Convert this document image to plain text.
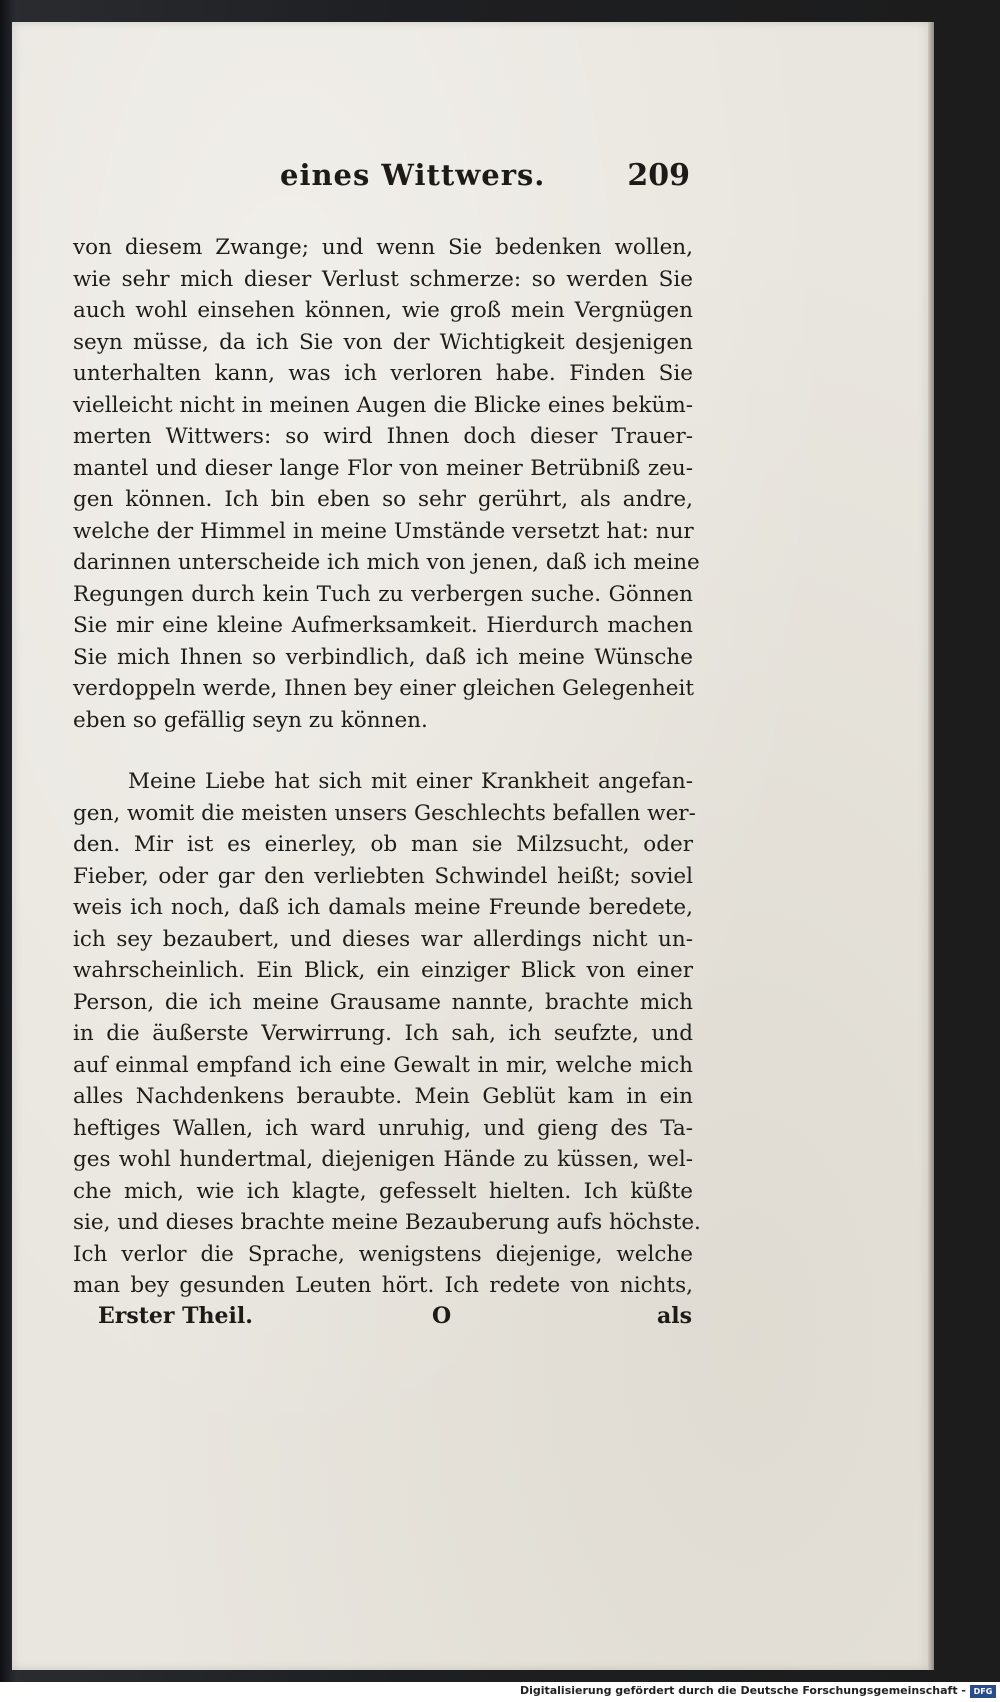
eines Wittwers.	209
von diesem Zwange; und wenn Sie bedenken wollen,
wie sehr mich dieser Verlust schmerze: so werden Sie
auch wohl einsehen können, wie groß mein Vergnügen
seyn müsse, da ich Sie von der Wichtigkeit desjenigen
unterhalten kann, was ich verloren habe. Finden Sie
vielleicht nicht in meinen Augen die Blicke eines beküm-
merten Wittwers: so wird Ihnen doch dieser Trauer-
mantel und dieser lange Flor von meiner Betrübniß zeu-
gen können. Ich bin eben so sehr gerührt, als andre,
welche der Himmel in meine Umstände versetzt hat: nur
darinnen unterscheide ich mich von jenen, daß ich meine
Regungen durch kein Tuch zu verbergen suche. Gönnen
Sie mir eine kleine Aufmerksamkeit. Hierdurch machen
Sie mich Ihnen so verbindlich, daß ich meine Wünsche
verdoppeln werde, Ihnen bey einer gleichen Gelegenheit
eben so gefällig seyn zu können.
Meine Liebe hat sich mit einer Krankheit angefan-
gen, womit die meisten unsers Geschlechts befallen wer-
den. Mir ist es einerley, ob man sie Milzsucht, oder
Fieber, oder gar den verliebten Schwindel heißt; soviel
weis ich noch, daß ich damals meine Freunde beredete,
ich sey bezaubert, und dieses war allerdings nicht un-
wahrscheinlich. Ein Blick, ein einziger Blick von einer
Person, die ich meine Grausame nannte, brachte mich
in die äußerste Verwirrung. Ich sah, ich seufzte, und
auf einmal empfand ich eine Gewalt in mir, welche mich
alles Nachdenkens beraubte. Mein Geblüt kam in ein
heftiges Wallen, ich ward unruhig, und gieng des Ta-
ges wohl hundertmal, diejenigen Hände zu küssen, wel-
che mich, wie ich klagte, gefesselt hielten. Ich küßte
sie, und dieses brachte meine Bezauberung aufs höchste.
Ich verlor die Sprache, wenigstens diejenige, welche
man bey gesunden Leuten hört. Ich redete von nichts,
Erster Theil.	O	als
Digitalisierung gefördert durch die Deutsche Forschungsgemeinschaft - DFG
